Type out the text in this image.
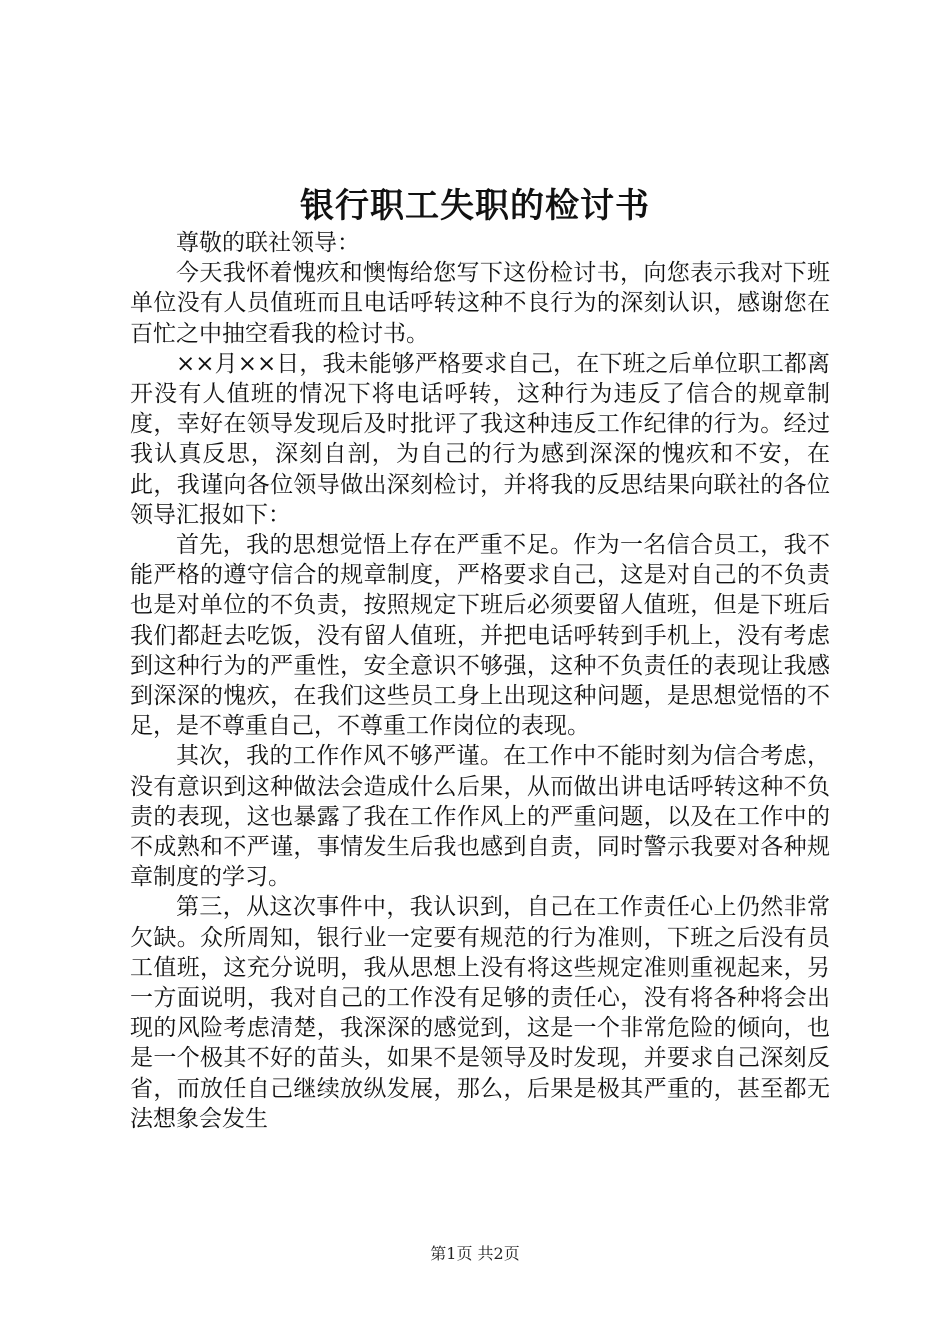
银行职工失职的检讨书

尊敬的联社领导：

今天我怀着愧疚和懊悔给您写下这份检讨书，向您表示我对下班单位没有人员值班而且电话呼转这种不良行为的深刻认识，感谢您在百忙之中抽空看我的检讨书。

××月××日，我未能够严格要求自己，在下班之后单位职工都离开没有人值班的情况下将电话呼转，这种行为违反了信合的规章制度，幸好在领导发现后及时批评了我这种违反工作纪律的行为。经过我认真反思，深刻自剖，为自己的行为感到深深的愧疚和不安，在此，我谨向各位领导做出深刻检讨，并将我的反思结果向联社的各位领导汇报如下：

首先，我的思想觉悟上存在严重不足。作为一名信合员工，我不能严格的遵守信合的规章制度，严格要求自己，这是对自己的不负责也是对单位的不负责，按照规定下班后必须要留人值班，但是下班后我们都赶去吃饭，没有留人值班，并把电话呼转到手机上，没有考虑到这种行为的严重性，安全意识不够强，这种不负责任的表现让我感到深深的愧疚，在我们这些员工身上出现这种问题，是思想觉悟的不足，是不尊重自己，不尊重工作岗位的表现。

其次，我的工作作风不够严谨。在工作中不能时刻为信合考虑，没有意识到这种做法会造成什么后果，从而做出讲电话呼转这种不负责的表现，这也暴露了我在工作作风上的严重问题，以及在工作中的不成熟和不严谨，事情发生后我也感到自责，同时警示我要对各种规章制度的学习。

第三，从这次事件中，我认识到，自己在工作责任心上仍然非常欠缺。众所周知，银行业一定要有规范的行为准则，下班之后没有员工值班，这充分说明，我从思想上没有将这些规定准则重视起来，另一方面说明，我对自己的工作没有足够的责任心，没有将各种将会出现的风险考虑清楚，我深深的感觉到，这是一个非常危险的倾向，也是一个极其不好的苗头，如果不是领导及时发现，并要求自己深刻反省，而放任自己继续放纵发展，那么，后果是极其严重的，甚至都无法想象会发生

第1页 共2页
